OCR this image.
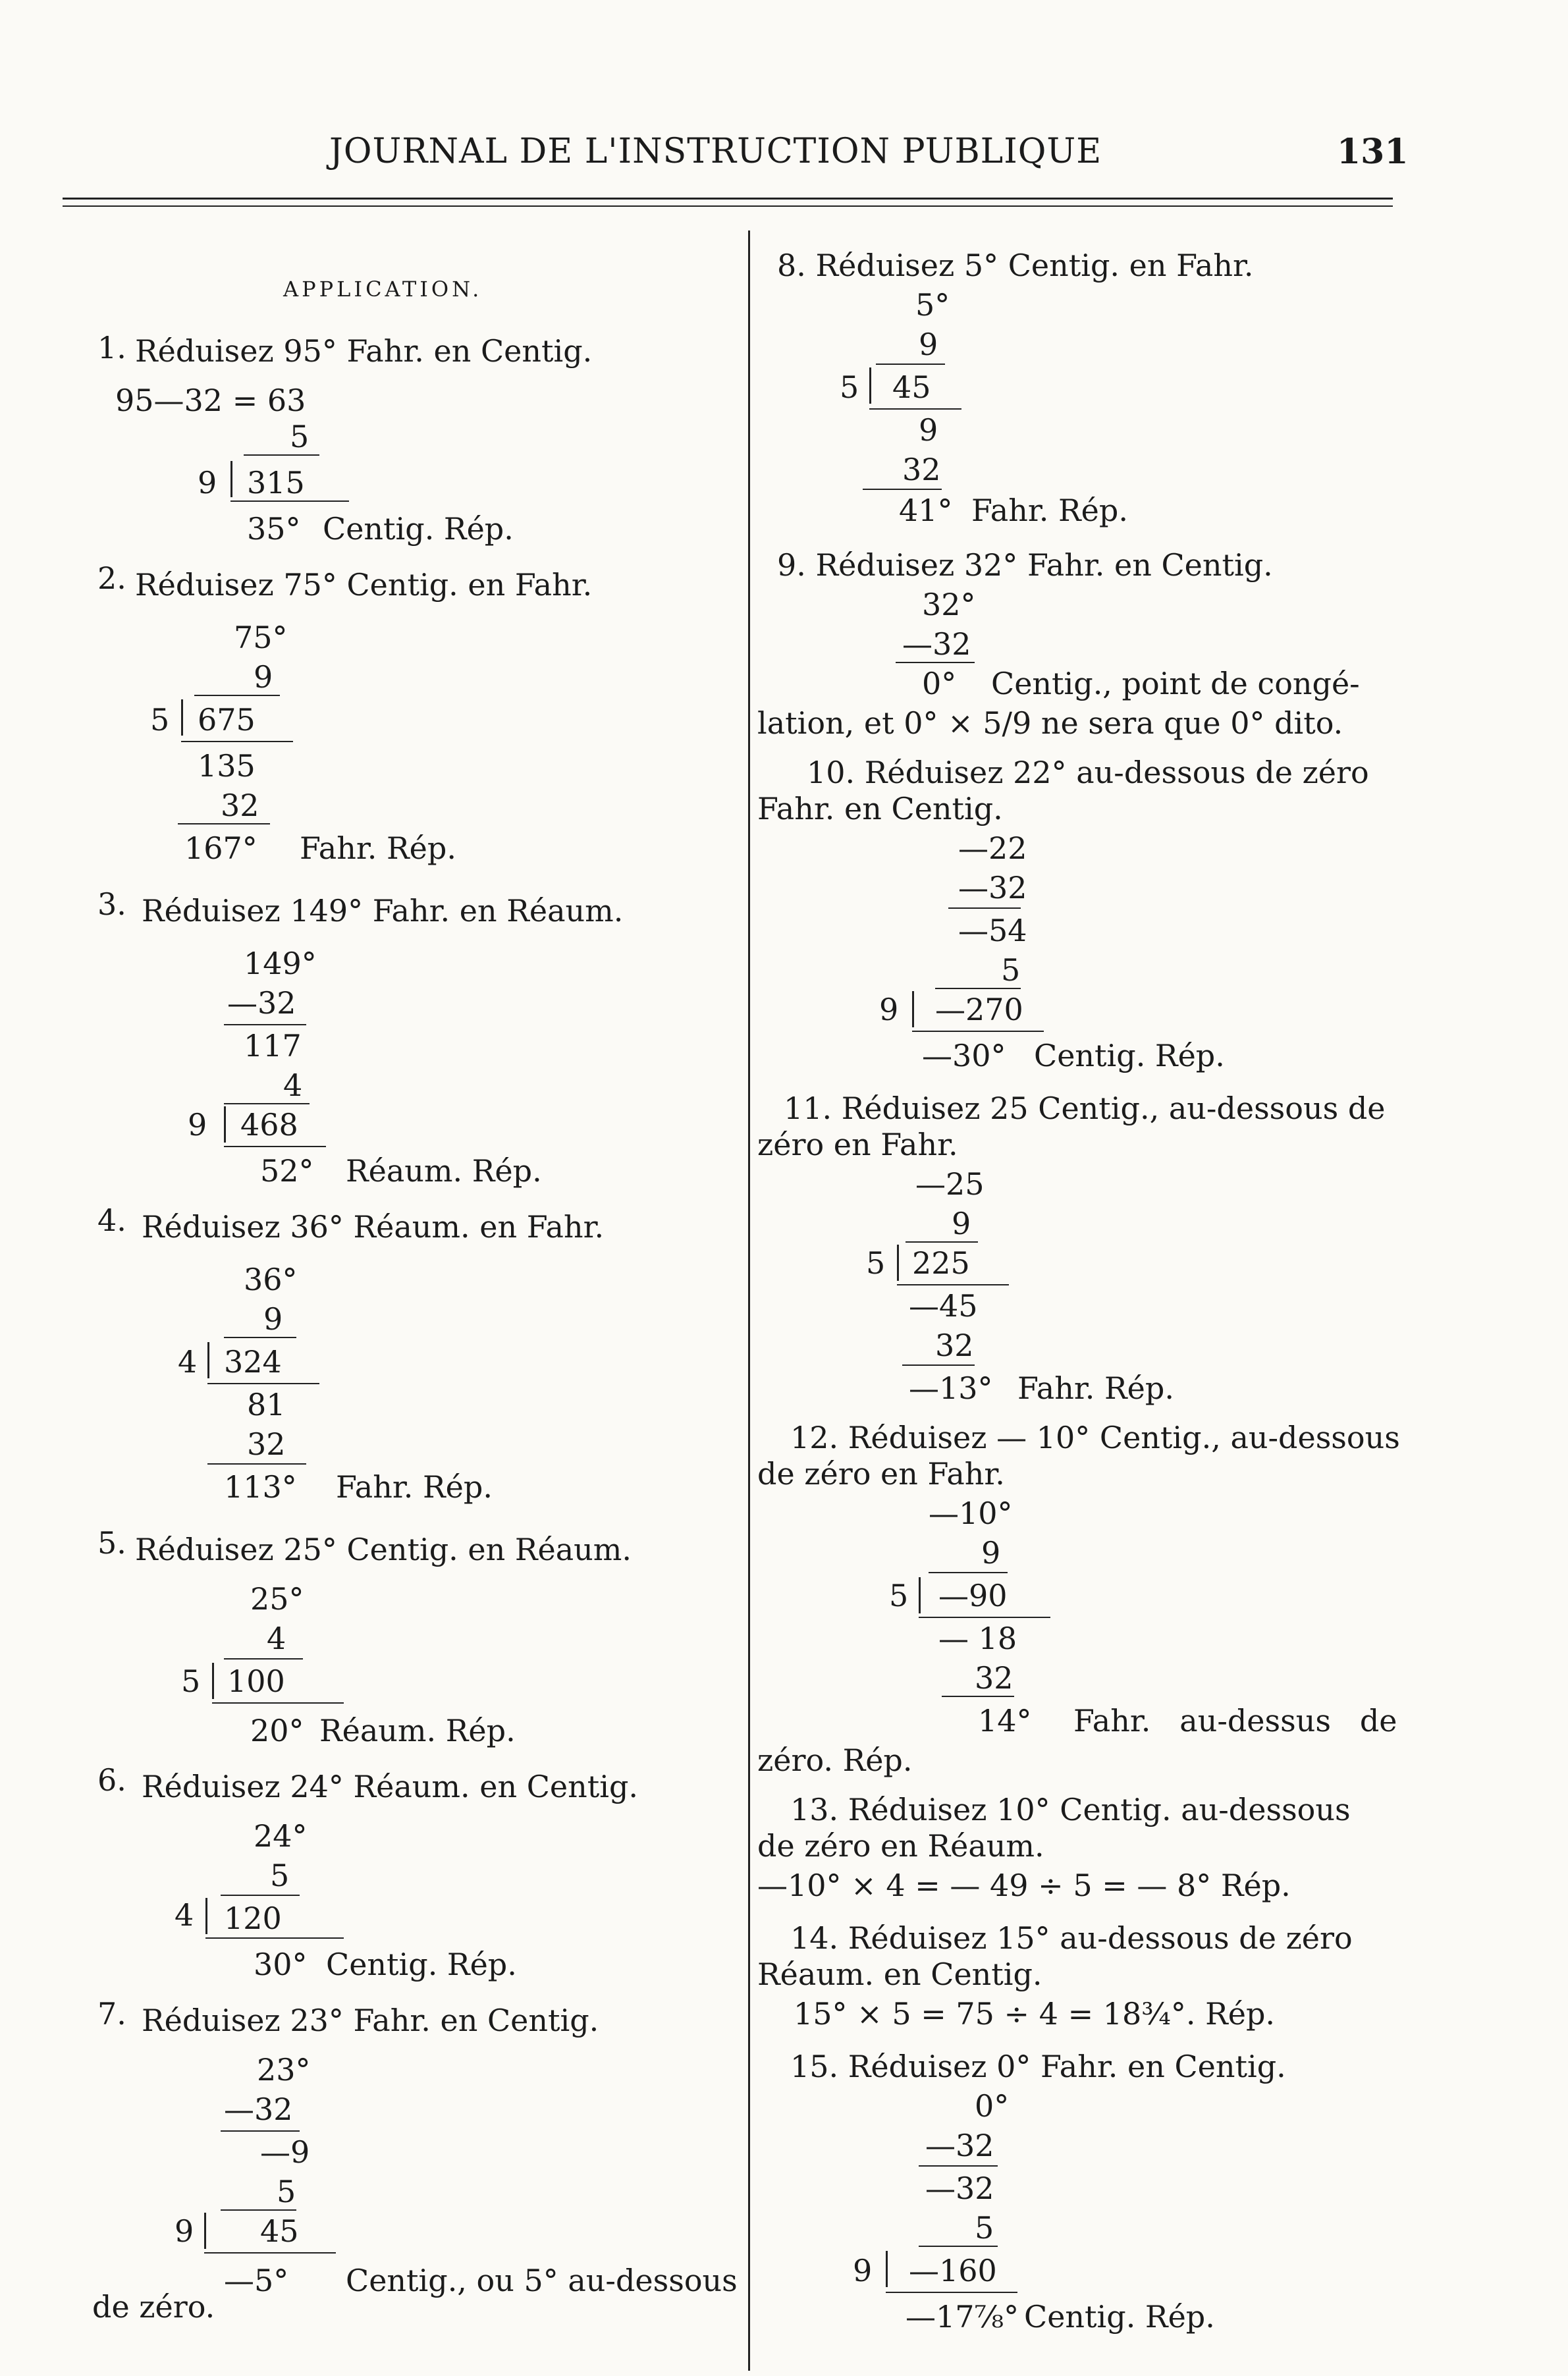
JOURNAL DE L'INSTRUCTION PUBLIQUE	131
APPLICATION.
1. Réduisez 95° Fahr. en Centig.
95—32 = 63
5
9 315
35° Centig. Rép.
2. Réduisez 75° Centig. en Fahr.
75°
9
5 675
135
32
167° Fahr. Rép.
3. Réduisez 149° Fahr. en Réaum.
149°
—32
117
4
9 468
52° Réaum. Rép.
4. Réduisez 36° Réaum. en Fahr.
36°
9
4 324
81
32
113° Fahr. Rép.
5. Réduisez 25° Centig. en Réaum.
25°
4
5 100
20° Réaum. Rép.
6. Réduisez 24° Réaum. en Centig.
24°
5
4 120
30° Centig. Rép.
7. Réduisez 23° Fahr. en Centig.
23°
—32
—9
5
9 45
—5° Centig., ou 5° au-dessous
de zéro.
8. Réduisez 5° Centig. en Fahr.
5°
9
5 45
9
32
41° Fahr. Rép.
9. Réduisez 32° Fahr. en Centig.
32°
—32
0° Centig., point de congé-
lation, et 0° × 5/9 ne sera que 0° dito.
10. Réduisez 22° au-dessous de zéro
Fahr. en Centig.
—22
—32
—54
5
9 —270
—30° Centig. Rép.
11. Réduisez 25 Centig., au-dessous de
zéro en Fahr.
—25
9
5 225
—45
32
—13° Fahr. Rép.
12. Réduisez — 10° Centig., au-dessous
de zéro en Fahr.
—10°
9
5 —90
— 18
32
14° Fahr.   au-dessus   de
zéro. Rép.
13. Réduisez 10° Centig. au-dessous
de zéro en Réaum.
—10° × 4 = — 49 ÷ 5 = — 8° Rép.
14. Réduisez 15° au-dessous de zéro
Réaum. en Centig.
15° × 5 = 75 ÷ 4 = 18¾°. Rép.
15. Réduisez 0° Fahr. en Centig.
0°
—32
—32
5
9 —160
—17⅞° Centig. Rép.
